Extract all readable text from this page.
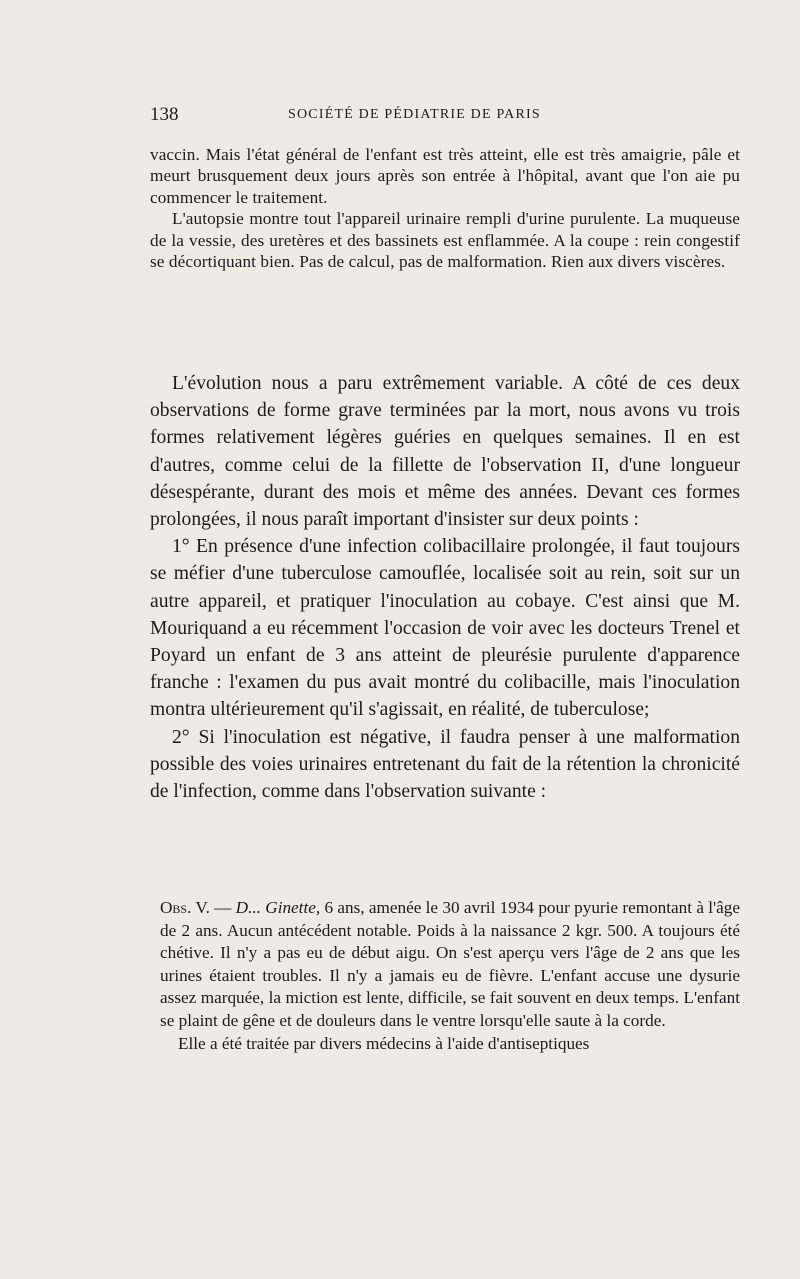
138	SOCIÉTÉ DE PÉDIATRIE DE PARIS

vaccin. Mais l'état général de l'enfant est très atteint, elle est très amaigrie, pâle et meurt brusquement deux jours après son entrée à l'hôpital, avant que l'on aie pu commencer le traitement.

L'autopsie montre tout l'appareil urinaire rempli d'urine purulente. La muqueuse de la vessie, des uretères et des bassinets est enflammée. A la coupe : rein congestif se décortiquant bien. Pas de calcul, pas de malformation. Rien aux divers viscères.

L'évolution nous a paru extrêmement variable. A côté de ces deux observations de forme grave terminées par la mort, nous avons vu trois formes relativement légères guéries en quelques semaines. Il en est d'autres, comme celui de la fillette de l'observation II, d'une longueur désespérante, durant des mois et même des années. Devant ces formes prolongées, il nous paraît important d'insister sur deux points :

1° En présence d'une infection colibacillaire prolongée, il faut toujours se méfier d'une tuberculose camouflée, localisée soit au rein, soit sur un autre appareil, et pratiquer l'inoculation au cobaye. C'est ainsi que M. Mouriquand a eu récemment l'occasion de voir avec les docteurs Trenel et Poyard un enfant de 3 ans atteint de pleurésie purulente d'apparence franche : l'examen du pus avait montré du colibacille, mais l'inoculation montra ultérieurement qu'il s'agissait, en réalité, de tuberculose;

2° Si l'inoculation est négative, il faudra penser à une malformation possible des voies urinaires entretenant du fait de la rétention la chronicité de l'infection, comme dans l'observation suivante :

Obs. V. — D... Ginette, 6 ans, amenée le 30 avril 1934 pour pyurie remontant à l'âge de 2 ans. Aucun antécédent notable. Poids à la naissance 2 kgr. 500. A toujours été chétive. Il n'y a pas eu de début aigu. On s'est aperçu vers l'âge de 2 ans que les urines étaient troubles. Il n'y a jamais eu de fièvre. L'enfant accuse une dysurie assez marquée, la miction est lente, difficile, se fait souvent en deux temps. L'enfant se plaint de gêne et de douleurs dans le ventre lorsqu'elle saute à la corde.

Elle a été traitée par divers médecins à l'aide d'antiseptiques
